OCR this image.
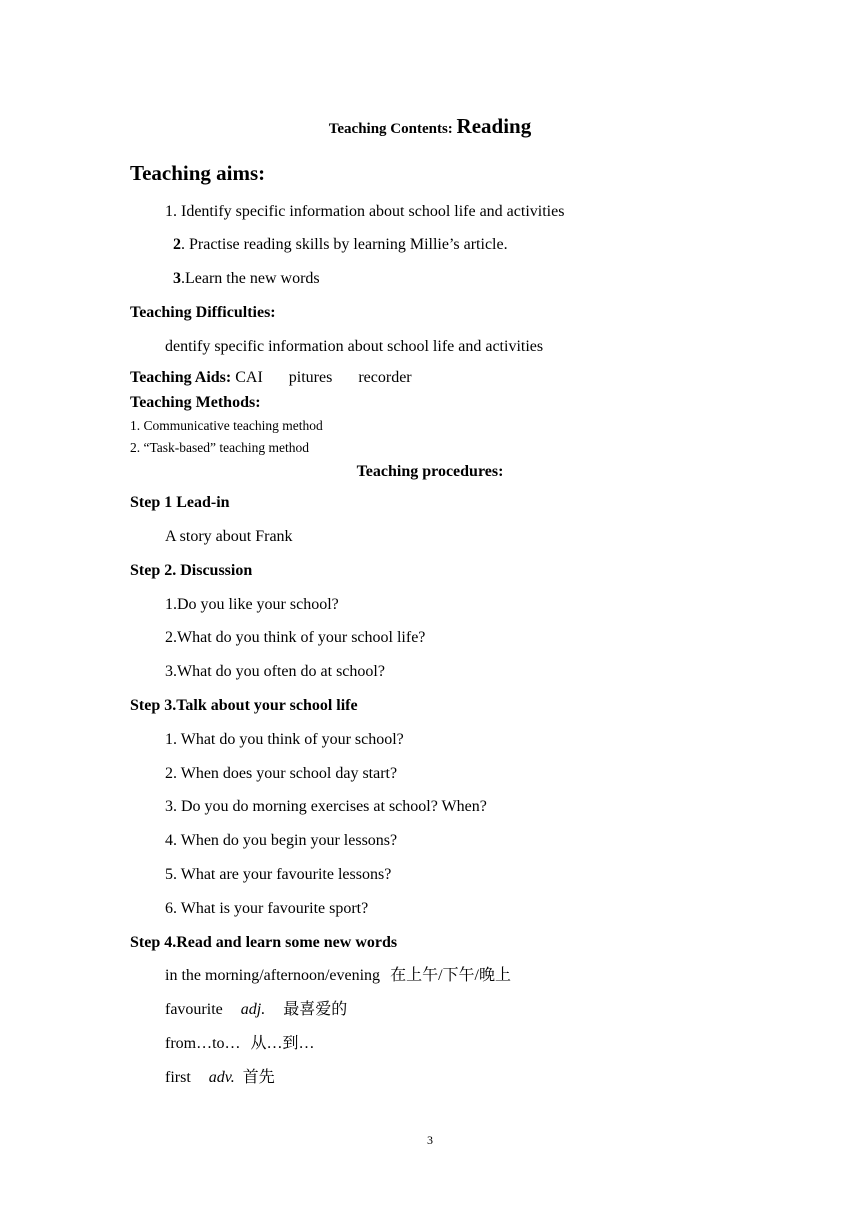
Teaching Contents: Reading
Teaching aims:
1. Identify specific information about school life and activities
2. Practise reading skills by learning Millie’s article.
3.Learn the new words
Teaching Difficulties:
dentify specific information about school life and activities
Teaching Aids: CAI pitures recorder
Teaching Methods:
1. Communicative teaching method
2. “Task-based” teaching method
Teaching procedures:
Step 1 Lead-in
A story about Frank
Step 2. Discussion
1.Do you like your school?
2.What do you think of your school life?
3.What do you often do at school?
Step 3.Talk about your school life
1. What do you think of your school?
2. When does your school day start?
3. Do you do morning exercises at school? When?
4. When do you begin your lessons?
5. What are your favourite lessons?
6. What is your favourite sport?
Step 4.Read and learn some new words
in the morning/afternoon/evening 在上午/下午/晚上
favourite adj. 最喜爱的
from…to… 从…到…
first adv. 首先
3
